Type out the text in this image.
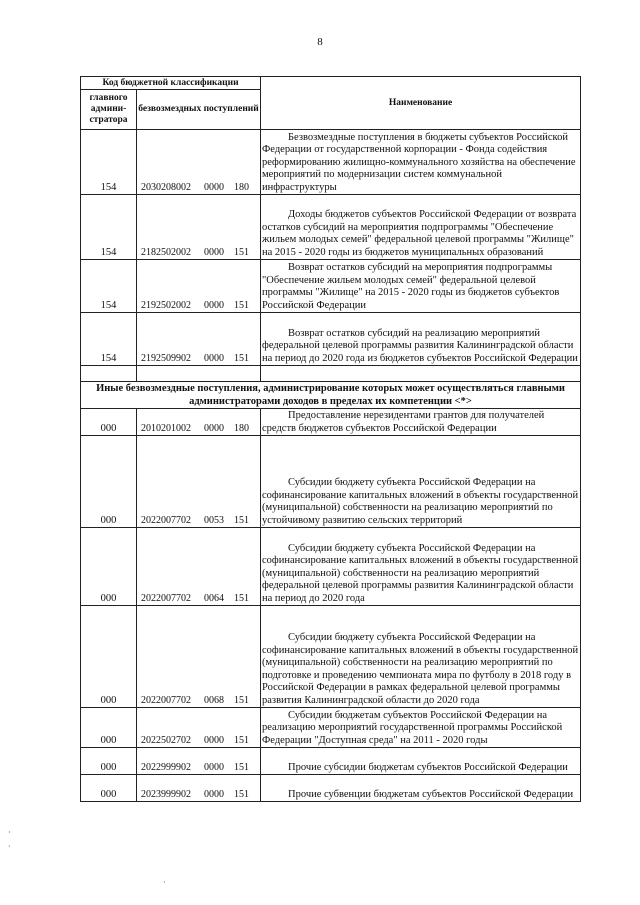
8
Код бюджетной классификации		Наименование
главного админи-стратора	безвозмездных поступлений	
154	2030208002 0000 180	Безвозмездные поступления в бюджеты субъектов Российской Федерации от государственной корпорации - Фонда содействия реформированию жилищно-коммунального хозяйства на обеспечение мероприятий по модернизации систем коммунальной инфраструктуры
154	2182502002 0000 151	Доходы бюджетов субъектов Российской Федерации от возврата остатков субсидий на мероприятия подпрограммы "Обеспечение жильем молодых семей" федеральной целевой программы "Жилище" на 2015 - 2020 годы из бюджетов муниципальных образований
154	2192502002 0000 151	Возврат остатков субсидий на мероприятия подпрограммы "Обеспечение жильем молодых семей" федеральной целевой программы "Жилище" на 2015 - 2020 годы из бюджетов субъектов Российской Федерации
154	2192509902 0000 151	Возврат остатков субсидий на реализацию мероприятий федеральной целевой программы развития Калининградской области на период до 2020 года из бюджетов субъектов Российской Федерации

Иные безвозмездные поступления, администрирование которых может осуществляться главными администраторами доходов в пределах их компетенции <*>		
000	2010201002 0000 180	Предоставление нерезидентами грантов для получателей средств бюджетов субъектов Российской Федерации
000	2022007702 0053 151	Субсидии бюджету субъекта Российской Федерации на софинансирование капитальных вложений в объекты государственной (муниципальной) собственности на реализацию мероприятий по устойчивому развитию сельских территорий
000	2022007702 0064 151	Субсидии бюджету субъекта Российской Федерации на софинансирование капитальных вложений в объекты государственной (муниципальной) собственности на реализацию мероприятий федеральной целевой программы развития Калининградской области на период до 2020 года
000	2022007702 0068 151	Субсидии бюджету субъекта Российской Федерации на софинансирование капитальных вложений в объекты государственной (муниципальной) собственности на реализацию мероприятий по подготовке и проведению чемпионата мира по футболу в 2018 году в Российской Федерации в рамках федеральной целевой программы развития Калининградской области до 2020 года
000	2022502702 0000 151	Субсидии бюджетам субъектов Российской Федерации на реализацию мероприятий государственной программы Российской Федерации "Доступная среда" на 2011 - 2020 годы
000	2022999902 0000 151	Прочие субсидии бюджетам субъектов Российской Федерации
000	2023999902 0000 151	Прочие субвенции бюджетам субъектов Российской Федерации
·
·
·
